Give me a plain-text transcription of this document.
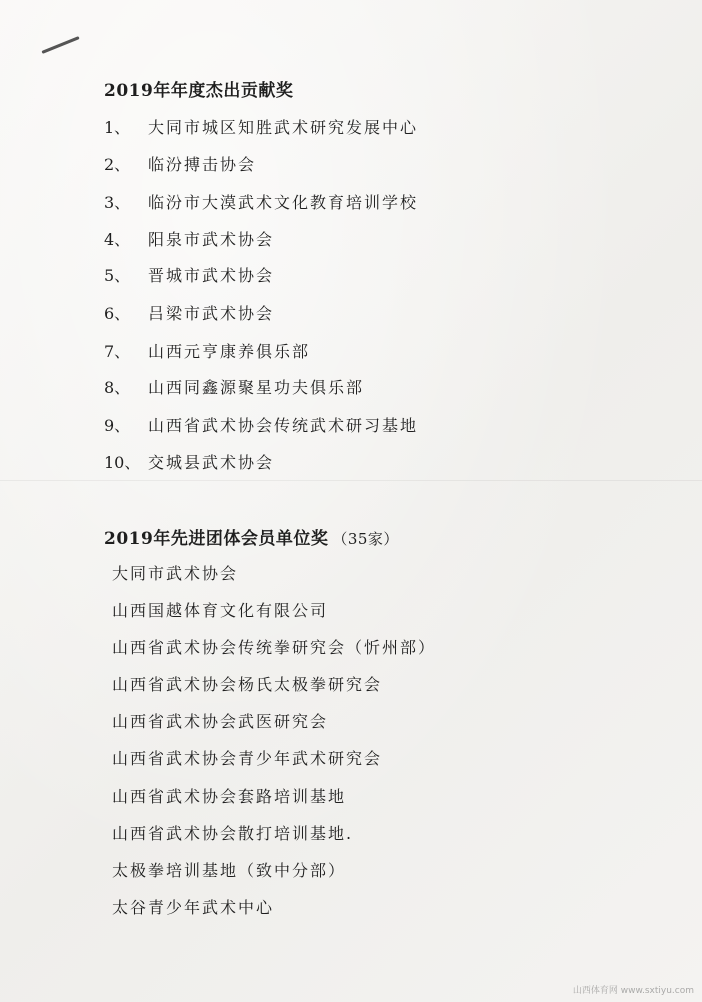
2019年年度杰出贡献奖
1、 大同市城区知胜武术研究发展中心
2、 临汾搏击协会
3、 临汾市大漠武术文化教育培训学校
4、 阳泉市武术协会
5、 晋城市武术协会
6、 吕梁市武术协会
7、 山西元亨康养俱乐部
8、 山西同鑫源聚星功夫俱乐部
9、 山西省武术协会传统武术研习基地
10、 交城县武术协会
2019年先进团体会员单位奖 （35家）
大同市武术协会
山西国越体育文化有限公司
山西省武术协会传统拳研究会（忻州部）
山西省武术协会杨氏太极拳研究会
山西省武术协会武医研究会
山西省武术协会青少年武术研究会
山西省武术协会套路培训基地
山西省武术协会散打培训基地.
太极拳培训基地（致中分部）
太谷青少年武术中心
山西体育网 www.sxtiyu.com
